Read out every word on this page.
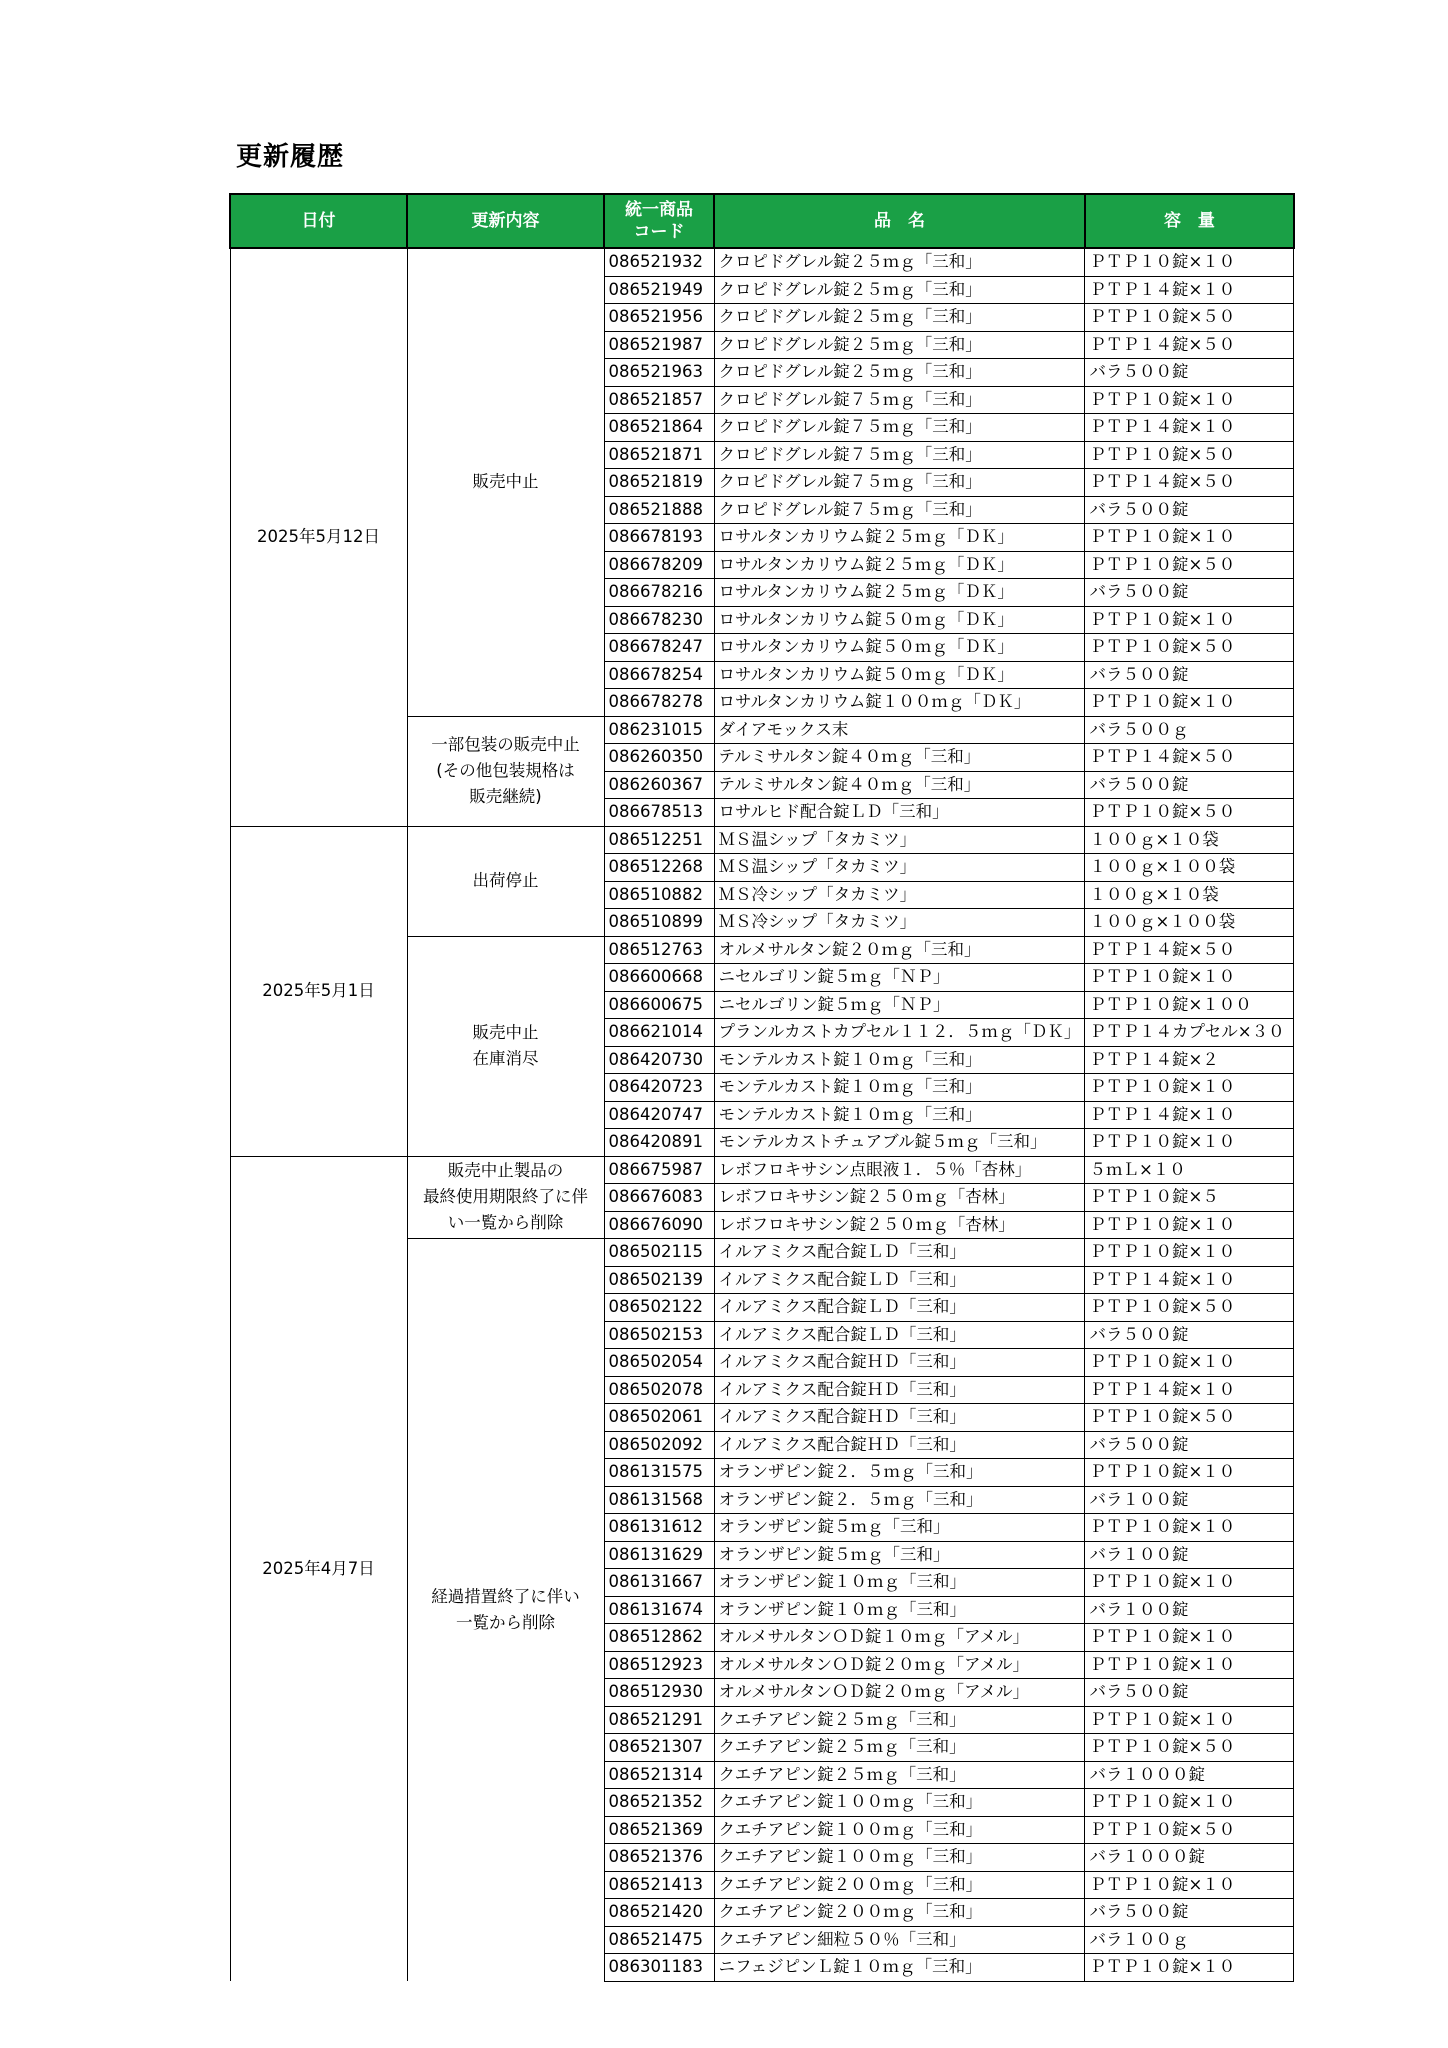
更新履歴
日付	更新内容	統一商品
コード	品　名	容　量
2025年5月12日	販売中止	086521932	クロピドグレル錠２５ｍｇ「三和」	ＰＴＰ１０錠×１０
		086521949	クロピドグレル錠２５ｍｇ「三和」	ＰＴＰ１４錠×１０
		086521956	クロピドグレル錠２５ｍｇ「三和」	ＰＴＰ１０錠×５０
		086521987	クロピドグレル錠２５ｍｇ「三和」	ＰＴＰ１４錠×５０
		086521963	クロピドグレル錠２５ｍｇ「三和」	バラ５００錠
		086521857	クロピドグレル錠７５ｍｇ「三和」	ＰＴＰ１０錠×１０
		086521864	クロピドグレル錠７５ｍｇ「三和」	ＰＴＰ１４錠×１０
		086521871	クロピドグレル錠７５ｍｇ「三和」	ＰＴＰ１０錠×５０
		086521819	クロピドグレル錠７５ｍｇ「三和」	ＰＴＰ１４錠×５０
		086521888	クロピドグレル錠７５ｍｇ「三和」	バラ５００錠
		086678193	ロサルタンカリウム錠２５ｍｇ「ＤＫ」	ＰＴＰ１０錠×１０
		086678209	ロサルタンカリウム錠２５ｍｇ「ＤＫ」	ＰＴＰ１０錠×５０
		086678216	ロサルタンカリウム錠２５ｍｇ「ＤＫ」	バラ５００錠
		086678230	ロサルタンカリウム錠５０ｍｇ「ＤＫ」	ＰＴＰ１０錠×１０
		086678247	ロサルタンカリウム錠５０ｍｇ「ＤＫ」	ＰＴＰ１０錠×５０
		086678254	ロサルタンカリウム錠５０ｍｇ「ＤＫ」	バラ５００錠
		086678278	ロサルタンカリウム錠１００ｍｇ「ＤＫ」	ＰＴＰ１０錠×１０

	一部包装の販売中止
(その他包装規格は
販売継続)	086231015	ダイアモックス末	バラ５００ｇ
		086260350	テルミサルタン錠４０ｍｇ「三和」	ＰＴＰ１４錠×５０
		086260367	テルミサルタン錠４０ｍｇ「三和」	バラ５００錠
		086678513	ロサルヒド配合錠ＬＤ「三和」	ＰＴＰ１０錠×５０
2025年5月1日	出荷停止	086512251	ＭＳ温シップ「タカミツ」	１００ｇ×１０袋
		086512268	ＭＳ温シップ「タカミツ」	１００ｇ×１００袋
		086510882	ＭＳ冷シップ「タカミツ」	１００ｇ×１０袋
		086510899	ＭＳ冷シップ「タカミツ」	１００ｇ×１００袋

	販売中止
在庫消尽	086512763	オルメサルタン錠２０ｍｇ「三和」	ＰＴＰ１４錠×５０
		086600668	ニセルゴリン錠５ｍｇ「ＮＰ」	ＰＴＰ１０錠×１０
		086600675	ニセルゴリン錠５ｍｇ「ＮＰ」	ＰＴＰ１０錠×１００
		086621014	プランルカストカプセル１１２．５ｍｇ「ＤＫ」	ＰＴＰ１４カプセル×３０
		086420730	モンテルカスト錠１０ｍｇ「三和」	ＰＴＰ１４錠×２
		086420723	モンテルカスト錠１０ｍｇ「三和」	ＰＴＰ１０錠×１０
		086420747	モンテルカスト錠１０ｍｇ「三和」	ＰＴＰ１４錠×１０
		086420891	モンテルカストチュアブル錠５ｍｇ「三和」	ＰＴＰ１０錠×１０
2025年4月7日	販売中止製品の
最終使用期限終了に伴
い一覧から削除	086675987	レボフロキサシン点眼液１．５％「杏林」	５ｍＬ×１０
		086676083	レボフロキサシン錠２５０ｍｇ「杏林」	ＰＴＰ１０錠×５
		086676090	レボフロキサシン錠２５０ｍｇ「杏林」	ＰＴＰ１０錠×１０

	経過措置終了に伴い
一覧から削除	086502115	イルアミクス配合錠ＬＤ「三和」	ＰＴＰ１０錠×１０
		086502139	イルアミクス配合錠ＬＤ「三和」	ＰＴＰ１４錠×１０
		086502122	イルアミクス配合錠ＬＤ「三和」	ＰＴＰ１０錠×５０
		086502153	イルアミクス配合錠ＬＤ「三和」	バラ５００錠
		086502054	イルアミクス配合錠ＨＤ「三和」	ＰＴＰ１０錠×１０
		086502078	イルアミクス配合錠ＨＤ「三和」	ＰＴＰ１４錠×１０
		086502061	イルアミクス配合錠ＨＤ「三和」	ＰＴＰ１０錠×５０
		086502092	イルアミクス配合錠ＨＤ「三和」	バラ５００錠
		086131575	オランザピン錠２．５ｍｇ「三和」	ＰＴＰ１０錠×１０
		086131568	オランザピン錠２．５ｍｇ「三和」	バラ１００錠
		086131612	オランザピン錠５ｍｇ「三和」	ＰＴＰ１０錠×１０
		086131629	オランザピン錠５ｍｇ「三和」	バラ１００錠
		086131667	オランザピン錠１０ｍｇ「三和」	ＰＴＰ１０錠×１０
		086131674	オランザピン錠１０ｍｇ「三和」	バラ１００錠
		086512862	オルメサルタンＯＤ錠１０ｍｇ「アメル」	ＰＴＰ１０錠×１０
		086512923	オルメサルタンＯＤ錠２０ｍｇ「アメル」	ＰＴＰ１０錠×１０
		086512930	オルメサルタンＯＤ錠２０ｍｇ「アメル」	バラ５００錠
		086521291	クエチアピン錠２５ｍｇ「三和」	ＰＴＰ１０錠×１０
		086521307	クエチアピン錠２５ｍｇ「三和」	ＰＴＰ１０錠×５０
		086521314	クエチアピン錠２５ｍｇ「三和」	バラ１０００錠
		086521352	クエチアピン錠１００ｍｇ「三和」	ＰＴＰ１０錠×１０
		086521369	クエチアピン錠１００ｍｇ「三和」	ＰＴＰ１０錠×５０
		086521376	クエチアピン錠１００ｍｇ「三和」	バラ１０００錠
		086521413	クエチアピン錠２００ｍｇ「三和」	ＰＴＰ１０錠×１０
		086521420	クエチアピン錠２００ｍｇ「三和」	バラ５００錠
		086521475	クエチアピン細粒５０％「三和」	バラ１００ｇ
		086301183	ニフェジピンＬ錠１０ｍｇ「三和」	ＰＴＰ１０錠×１０
